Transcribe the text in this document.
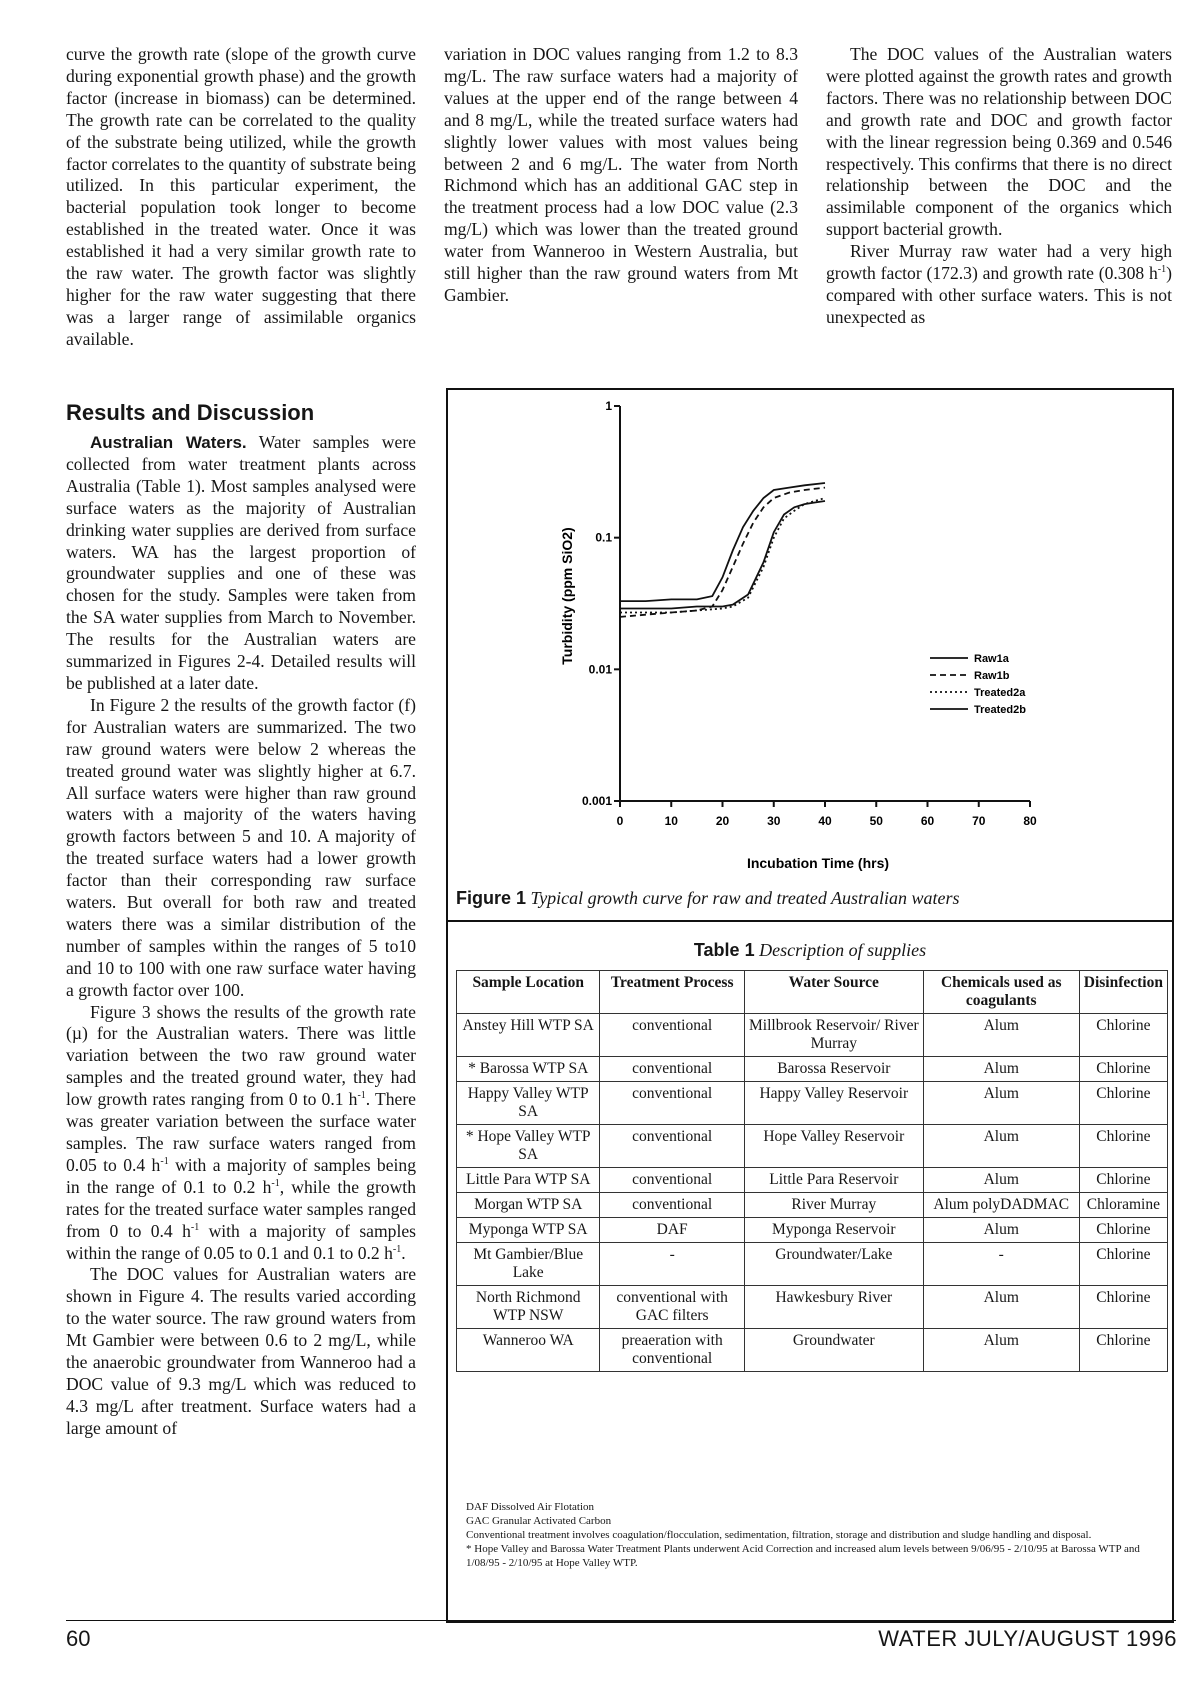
curve the growth rate (slope of the growth curve during exponential growth phase) and the growth factor (increase in biomass) can be determined. The growth rate can be correlated to the quality of the substrate being utilized, while the growth factor correlates to the quantity of substrate being utilized. In this particular experiment, the bacterial population took longer to become established in the treated water. Once it was established it had a very similar growth rate to the raw water. The growth factor was slightly higher for the raw water suggesting that there was a larger range of assimilable organics available.

Results and Discussion

Australian Waters. Water samples were collected from water treatment plants across Australia (Table 1). Most samples analysed were surface waters as the majority of Australian drinking water supplies are derived from surface waters. WA has the largest proportion of groundwater supplies and one of these was chosen for the study. Samples were taken from the SA water supplies from March to November. The results for the Australian waters are summarized in Figures 2-4. Detailed results will be published at a later date.

In Figure 2 the results of the growth factor (f) for Australian waters are summarized. The two raw ground waters were below 2 whereas the treated ground water was slightly higher at 6.7. All surface waters were higher than raw ground waters with a majority of the waters having growth factors between 5 and 10. A majority of the treated surface waters had a lower growth factor than their corresponding raw surface waters. But overall for both raw and treated waters there was a similar distribution of the number of samples within the ranges of 5 to10 and 10 to 100 with one raw surface water having a growth factor over 100.

Figure 3 shows the results of the growth rate (µ) for the Australian waters. There was little variation between the two raw ground water samples and the treated ground water, they had low growth rates ranging from 0 to 0.1 $h^{-1}$. There was greater variation between the surface water samples. The raw surface waters ranged from 0.05 to 0.4 $h^{-1}$ with a majority of samples being in the range of 0.1 to 0.2 $h^{-1}$, while the growth rates for the treated surface water samples ranged from 0 to 0.4 $h^{-1}$ with a majority of samples within the range of 0.05 to 0.1 and 0.1 to 0.2 $h^{-1}$.

The DOC values for Australian waters are shown in Figure 4. The results varied according to the water source. The raw ground waters from Mt Gambier were between 0.6 to 2 mg/L, while the anaerobic groundwater from Wanneroo had a DOC value of 9.3 mg/L which was reduced to 4.3 mg/L after treatment. Surface waters had a large amount of

variation in DOC values ranging from 1.2 to 8.3 mg/L. The raw surface waters had a majority of values at the upper end of the range between 4 and 8 mg/L, while the treated surface waters had slightly lower values with most values being between 2 and 6 mg/L. The water from North Richmond which has an additional GAC step in the treatment process had a low DOC value (2.3 mg/L) which was lower than the treated ground water from Wanneroo in Western Australia, but still higher than the raw ground waters from Mt Gambier.

The DOC values of the Australian waters were plotted against the growth rates and growth factors. There was no relationship between DOC and growth rate and DOC and growth factor with the linear regression being 0.369 and 0.546 respectively. This confirms that there is no direct relationship between the DOC and the assimilable component of the organics which support bacterial growth.

River Murray raw water had a very high growth factor (172.3) and growth rate (0.308 $h^{-1}$) compared with other surface waters. This is not unexpected as

0	10	20	30	40	50	60	70	80
1
0.1
0.01
0.001
Raw1a
Raw1b
Treated2a
Treated2b
Turbidity (ppm SiO2)
Incubation Time (hrs)
Figure 1 Typical growth curve for raw and treated Australian waters
Table 1 Description of supplies
Sample Location	Treatment Process	Water Source	Chemicals used as coagulants	Disinfection
Anstey Hill WTP SA	conventional	Millbrook Reservoir/ River Murray	Alum	Chlorine
* Barossa WTP SA	conventional	Barossa Reservoir	Alum	Chlorine
Happy Valley WTP SA	conventional	Happy Valley Reservoir	Alum	Chlorine
* Hope Valley WTP SA	conventional	Hope Valley Reservoir	Alum	Chlorine
Little Para WTP SA	conventional	Little Para Reservoir	Alum	Chlorine
Morgan WTP SA	conventional	River Murray	Alum polyDADMAC	Chloramine
Myponga WTP SA	DAF	Myponga Reservoir	Alum	Chlorine
Mt Gambier/Blue Lake	-	Groundwater/Lake	-	Chlorine
North Richmond WTP NSW	conventional with GAC filters	Hawkesbury River	Alum	Chlorine
Wanneroo WA	preaeration with conventional	Groundwater	Alum	Chlorine

DAF Dissolved Air Flotation

GAC Granular Activated Carbon

Conventional treatment involves coagulation/flocculation, sedimentation, filtration, storage and distribution and sludge handling and disposal.

* Hope Valley and Barossa Water Treatment Plants underwent Acid Correction and increased alum levels between 9/06/95 - 2/10/95 at Barossa WTP and 1/08/95 - 2/10/95 at Hope Valley WTP.

60	WATER JULY/AUGUST 1996
